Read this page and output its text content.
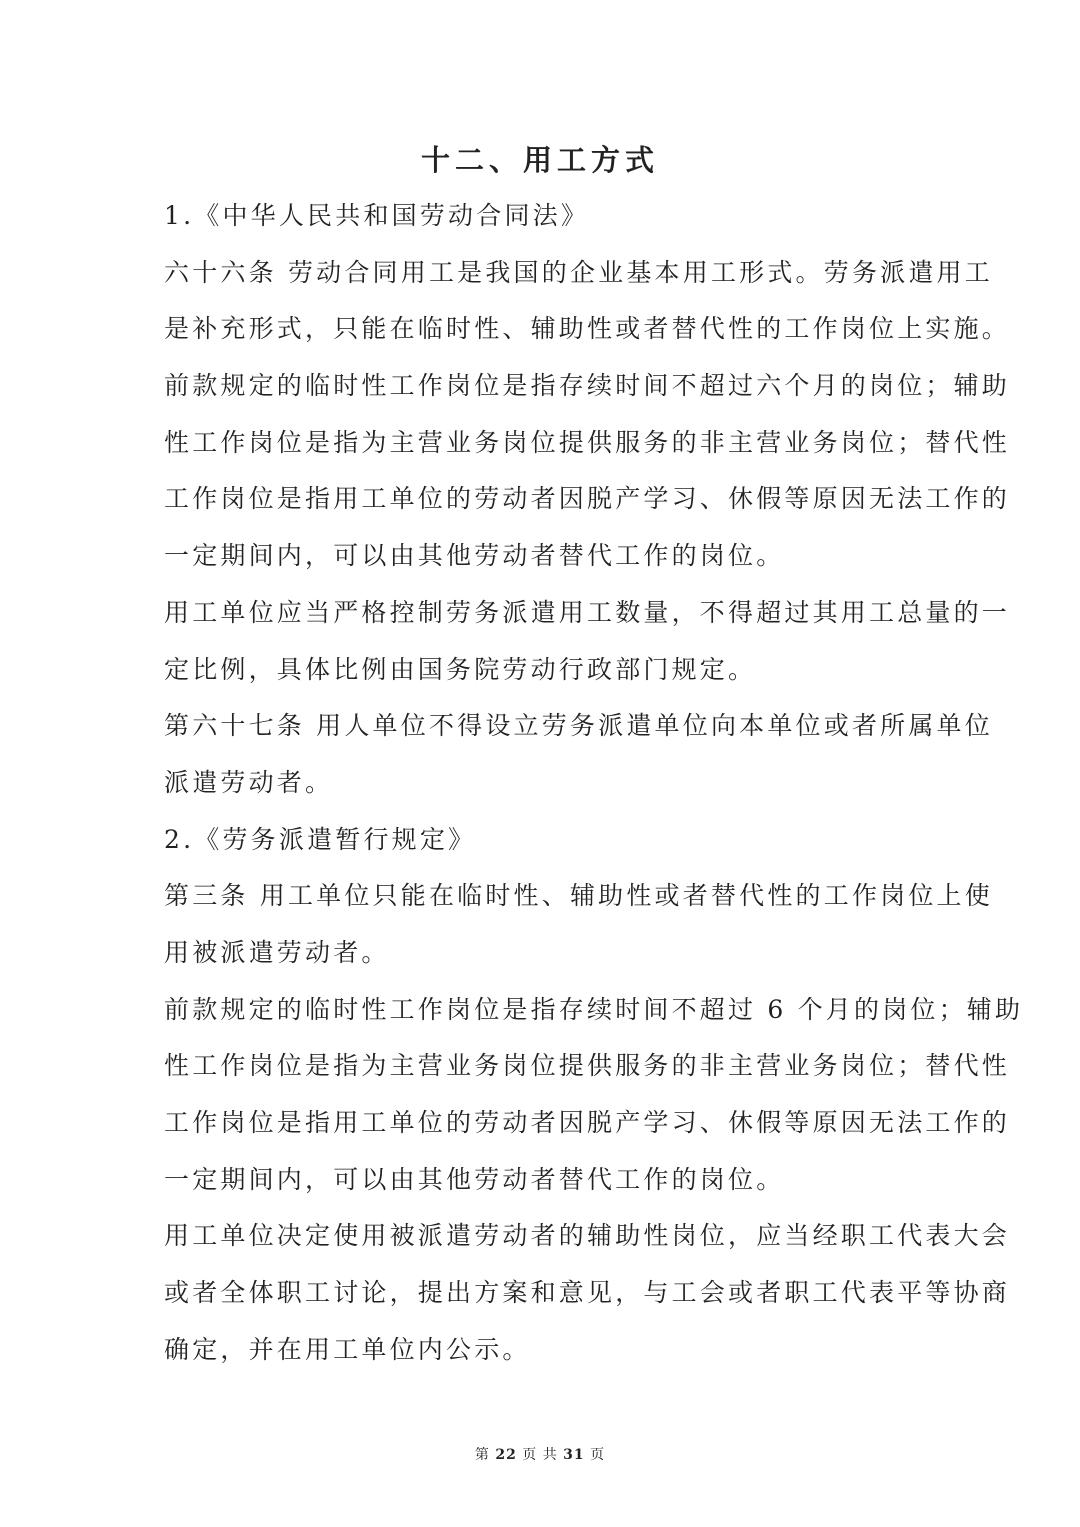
十二、用工方式
1.《中华人民共和国劳动合同法》
六十六条 劳动合同用工是我国的企业基本用工形式。劳务派遣用工
是补充形式，只能在临时性、辅助性或者替代性的工作岗位上实施。
前款规定的临时性工作岗位是指存续时间不超过六个月的岗位；辅助
性工作岗位是指为主营业务岗位提供服务的非主营业务岗位；替代性
工作岗位是指用工单位的劳动者因脱产学习、休假等原因无法工作的
一定期间内，可以由其他劳动者替代工作的岗位。
用工单位应当严格控制劳务派遣用工数量，不得超过其用工总量的一
定比例，具体比例由国务院劳动行政部门规定。
第六十七条 用人单位不得设立劳务派遣单位向本单位或者所属单位
派遣劳动者。
2.《劳务派遣暂行规定》
第三条 用工单位只能在临时性、辅助性或者替代性的工作岗位上使
用被派遣劳动者。
前款规定的临时性工作岗位是指存续时间不超过 6 个月的岗位；辅助
性工作岗位是指为主营业务岗位提供服务的非主营业务岗位；替代性
工作岗位是指用工单位的劳动者因脱产学习、休假等原因无法工作的
一定期间内，可以由其他劳动者替代工作的岗位。
用工单位决定使用被派遣劳动者的辅助性岗位，应当经职工代表大会
或者全体职工讨论，提出方案和意见，与工会或者职工代表平等协商
确定，并在用工单位内公示。
第 22 页 共 31 页
